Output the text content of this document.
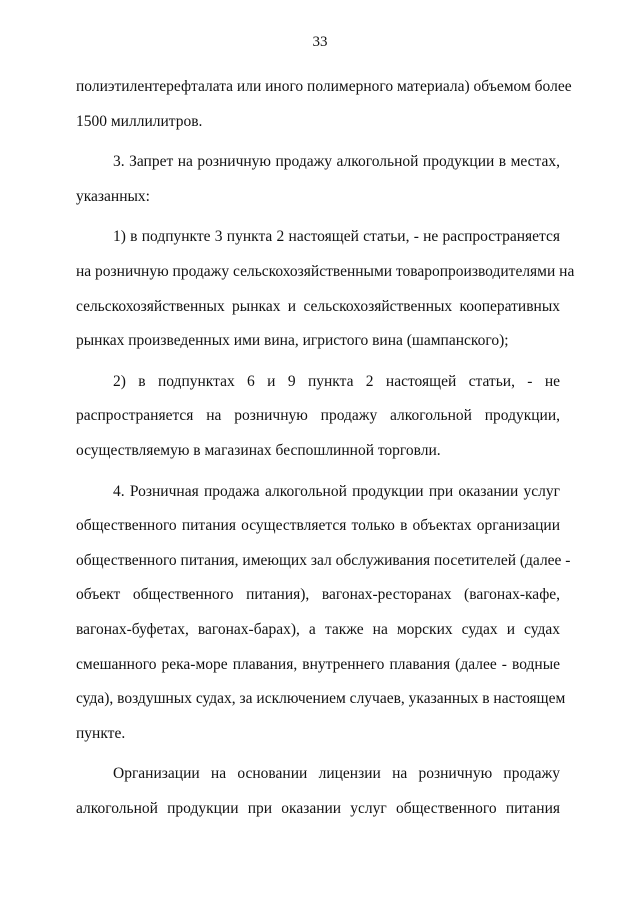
33

полиэтилентерефталата или иного полимерного материала) объемом более
1500 миллилитров.

3. Запрет на розничную продажу алкогольной продукции в местах,
указанных:

1) в подпункте 3 пункта 2 настоящей статьи, - не распространяется
на розничную продажу сельскохозяйственными товаропроизводителями на
сельскохозяйственных рынках и сельскохозяйственных кооперативных
рынках произведенных ими вина, игристого вина (шампанского);

2) в подпунктах 6 и 9 пункта 2 настоящей статьи, - не
распространяется на розничную продажу алкогольной продукции,
осуществляемую в магазинах беспошлинной торговли.

4. Розничная продажа алкогольной продукции при оказании услуг
общественного питания осуществляется только в объектах организации
общественного питания, имеющих зал обслуживания посетителей (далее -
объект общественного питания), вагонах-ресторанах (вагонах-кафе,
вагонах-буфетах, вагонах-барах), а также на морских судах и судах
смешанного река-море плавания, внутреннего плавания (далее - водные
суда), воздушных судах, за исключением случаев, указанных в настоящем
пункте.

Организации на основании лицензии на розничную продажу
алкогольной продукции при оказании услуг общественного питания
